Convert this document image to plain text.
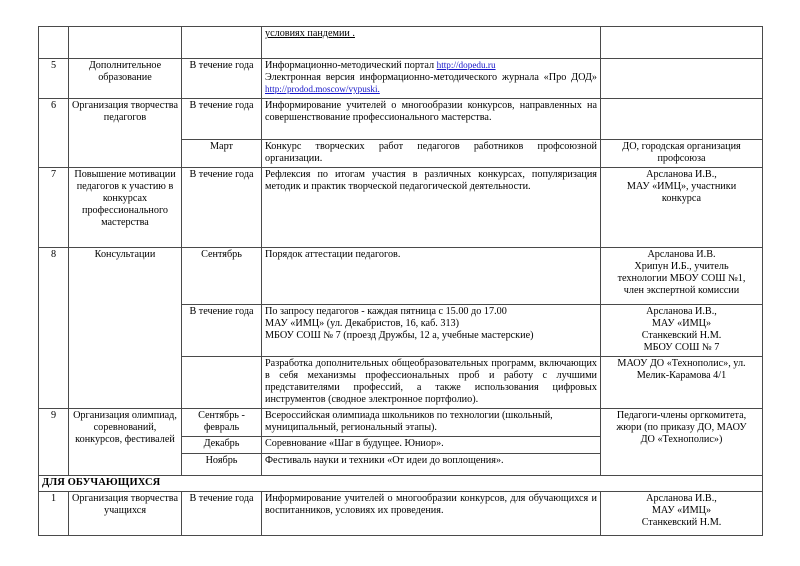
			условиях пандемии .	
5	Дополнительное образование	В течение года	Информационно-методический портал http://dopedu.ru
Электронная версия информационно-методического журнала «Про ДОД» http://prodod.moscow/vypuski.	

6	Организация творчества педагогов	В течение года	Информирование учителей о многообразии конкурсов, направленных на совершенствование профессионального мастерства.	
		Март	Конкурс творческих работ педагогов работников профсоюзной организации.	ДО, городская организация профсоюза

7	Повышение мотивации педагогов к участию в конкурсах профессионального мастерства	В течение года	Рефлексия по итогам участия в различных конкурсах, популяризация методик и практик творческой педагогической деятельности.	Арсланова И.В.,
МАУ «ИМЦ», участники
конкурса

8	Консультации	Сентябрь	Порядок аттестации педагогов.	Арсланова И.В.
Хрипун И.Б., учитель
технологии МБОУ СОШ №1,
член экспертной комиссии

		В течение года	По запросу педагогов - каждая пятница с 15.00 до 17.00
МАУ «ИМЦ» (ул. Декабристов, 16, каб. 313)
МБОУ СОШ № 7 (проезд Дружбы, 12 а, учебные мастерские)	Арсланова И.В.,
МАУ «ИМЦ»
Станкевский Н.М.
МБОУ СОШ № 7

			Разработка дополнительных общеобразовательных программ, включающих в себя механизмы профессиональных проб и работу с лучшими представителями профессий, а также использования цифровых инструментов (сводное электронное портфолио).	МАОУ ДО «Технополис», ул.
Мелик-Карамова 4/1

9	Организация олимпиад, соревнований, конкурсов, фестивалей	Сентябрь - февраль	Всероссийская олимпиада школьников по технологии (школьный, муниципальный, региональный этапы).	Педагоги-члены оргкомитета,
жюри (по приказу ДО, МАОУ
ДО «Технополис»)

		Декабрь	Соревнование «Шаг в будущее. Юниор».	
		Ноябрь	Фестиваль науки и техники «От идеи до воплощения».	
ДЛЯ ОБУЧАЮЩИХСЯ				
1	Организация творчества учащихся	В течение года	Информирование учителей о многообразии конкурсов, для обучающихся и воспитанников, условиях их проведения.	Арсланова И.В.,
МАУ «ИМЦ»
Станкевский Н.М.
